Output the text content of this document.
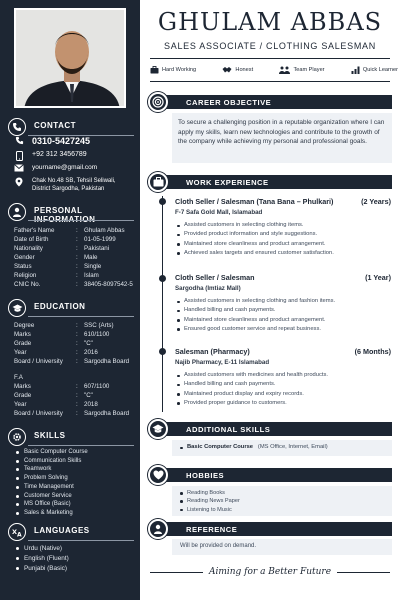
CONTACT
0310-5427245
+92 312 3456789
yourname@gmail.com
Chak No.48 SB, Tehsil Seliwali,
District Sargodha, Pakistan
PERSONAL
Father's Name	: Ghulam Abbas
Date of Birth	: 01-05-1999
Nationality	: Pakistani
Gender	: Male
Status	: Single
Religion	: Islam
CNIC No.	: 38405-8097542-5
EDUCATION
Degree	: SSC (Arts)
Marks	: 610/1100
Grade	: "C"
Year	: 2016
Board / University : Sargodha Board
F.A
Marks	: 607/1100
Grade	: "C"
Year	: 2018
Board / University : Sargodha Board
SKILLS
Basic Computer Course
Communication Skills
Teamwork
Problem Solving
Time Management
Customer Service
MS Office (Basic)
Sales & Marketing
X A LANGUAGES
Urdu (Native)
English (Fluent)
Punjabi (Basic)
GHULAM ABBAS
SALES ASSOCIATE / CLOTHING SALESMAN
Hard Working	Honest	Team Player	Quick Learner
CAREER OBJECTIVE
To secure a challenging position in a reputable organization where I can apply my skills, learn new technologies and contribute to the growth of the company while achieving my personal and professional goals.
WORK EXPERIENCE
Cloth Seller / Salesman (Tana Bana – Phulkari)	(2 Years)
F-7 Safa Gold Mall, Islamabad
Assisted customers in selecting clothing items.
Provided product information and style suggestions.
Maintained store cleanliness and product arrangement.
Achieved sales targets and ensured customer satisfaction.
Cloth Seller / Salesman	(1 Year)
Sargodha (Imtiaz Mall)
Assisted customers in selecting clothing and fashion items.
Handled billing and cash payments.
Maintained store cleanliness and product arrangement.
Ensured good customer service and repeat business.
Salesman (Pharmacy)	(6 Months)
Najib Pharmacy, E-11 Islamabad
Assisted customers with medicines and health products.
Handled billing and cash payments.
Maintained product display and expiry records.
Provided proper guidance to customers.
ADDITIONAL SKILLS
Basic Computer Course (MS Office, Internet, Email)
HOBBIES
Reading Books
Reading News Paper
Listening to Music
REFERENCE
Will be provided on demand.
Aiming for a Better Future
